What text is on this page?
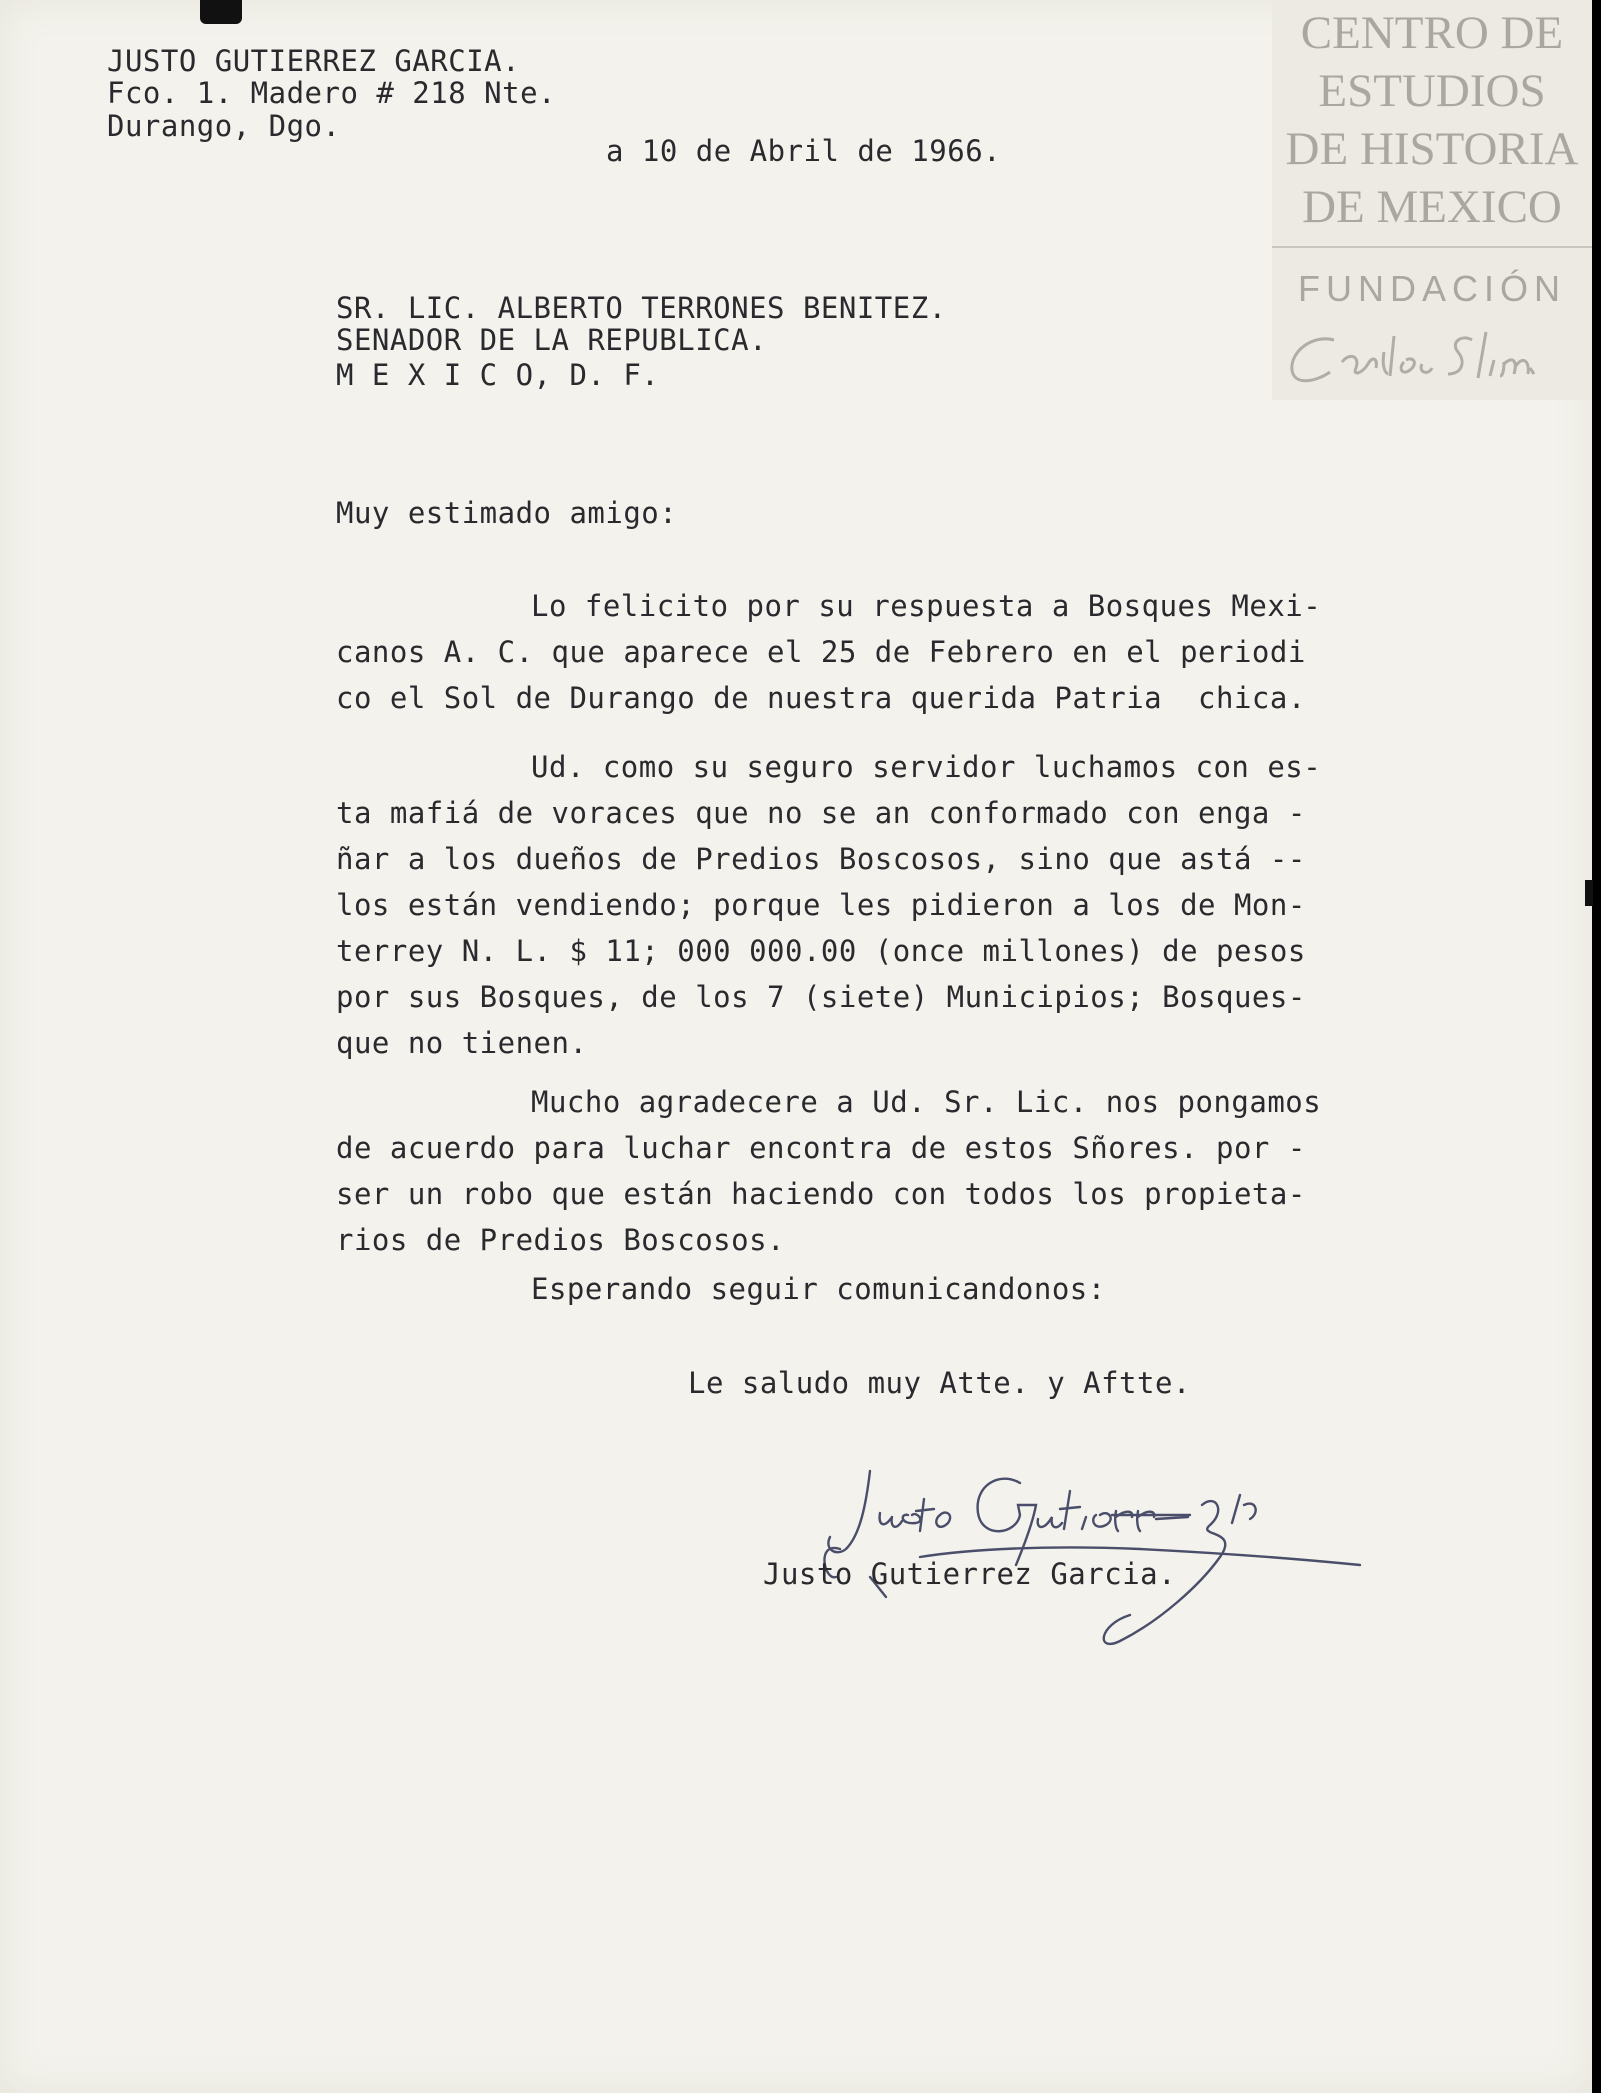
CENTRO DE
ESTUDIOS
DE HISTORIA
DE MEXICO
FUNDACIÓN
JUSTO GUTIERREZ GARCIA.
Fco. 1. Madero # 218 Nte.
Durango, Dgo.
a 10 de Abril de 1966.
SR. LIC. ALBERTO TERRONES BENITEZ.
SENADOR DE LA REPUBLICA.
M E X I C O, D. F.
Muy estimado amigo:
Lo felicito por su respuesta a Bosques Mexi-
canos A. C. que aparece el 25 de Febrero en el periodi
co el Sol de Durango de nuestra querida Patria  chica.
Ud. como su seguro servidor luchamos con es-
ta mafiá de voraces que no se an conformado con enga -
ñar a los dueños de Predios Boscosos, sino que astá --
los están vendiendo; porque les pidieron a los de Mon-
terrey N. L. $ 11; 000 000.00 (once millones) de pesos
por sus Bosques, de los 7 (siete) Municipios; Bosques-
que no tienen.
Mucho agradecere a Ud. Sr. Lic. nos pongamos
de acuerdo para luchar encontra de estos Sñores. por -
ser un robo que están haciendo con todos los propieta-
rios de Predios Boscosos.
Esperando seguir comunicandonos:
Le saludo muy Atte. y Aftte.
Justo Gutierrez Garcia.
